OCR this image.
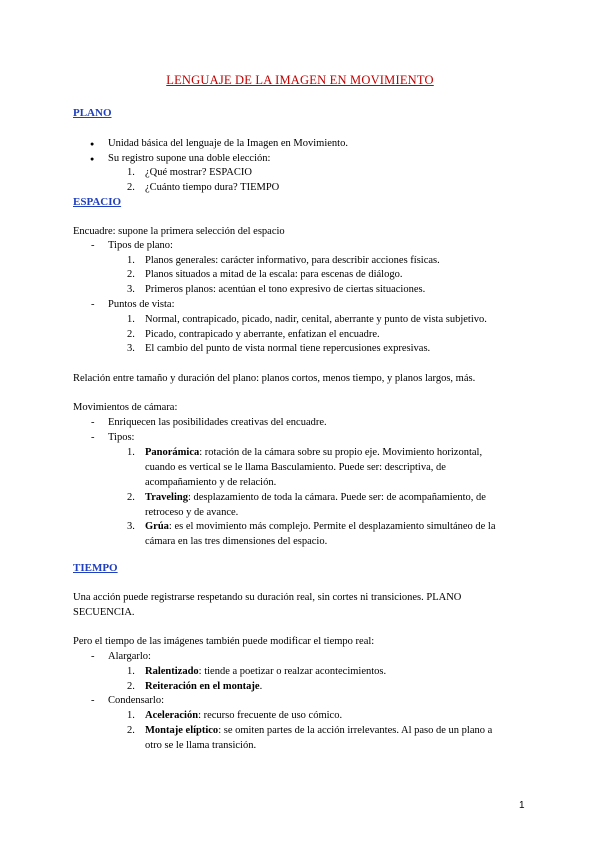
LENGUAJE DE LA IMAGEN EN MOVIMIENTO
PLANO
● Unidad básica del lenguaje de la Imagen en Movimiento.
● Su registro supone una doble elección:
1. ¿Qué mostrar? ESPACIO
2. ¿Cuánto tiempo dura? TIEMPO
ESPACIO
Encuadre: supone la primera selección del espacio
- Tipos de plano:
1. Planos generales: carácter informativo, para describir acciones físicas.
2. Planos situados a mitad de la escala: para escenas de diálogo.
3. Primeros planos: acentúan el tono expresivo de ciertas situaciones.
- Puntos de vista:
1. Normal, contrapicado, picado, nadir, cenital, aberrante y punto de vista subjetivo.
2. Picado, contrapicado y aberrante, enfatizan el encuadre.
3. El cambio del punto de vista normal tiene repercusiones expresivas.
Relación entre tamaño y duración del plano: planos cortos, menos tiempo, y planos largos, más.
Movimientos de cámara:
- Enriquecen las posibilidades creativas del encuadre.
- Tipos:
1. Panorámica: rotación de la cámara sobre su propio eje. Movimiento horizontal,
cuando es vertical se le llama Basculamiento. Puede ser: descriptiva, de
acompañamiento y de relación.
2. Traveling: desplazamiento de toda la cámara. Puede ser: de acompañamiento, de
retroceso y de avance.
3. Grúa: es el movimiento más complejo. Permite el desplazamiento simultáneo de la
cámara en las tres dimensiones del espacio.
TIEMPO
Una acción puede registrarse respetando su duración real, sin cortes ni transiciones. PLANO
SECUENCIA.
Pero el tiempo de las imágenes también puede modificar el tiempo real:
- Alargarlo:
1. Ralentizado: tiende a poetizar o realzar acontecimientos.
2. Reiteración en el montaje.
- Condensarlo:
1. Aceleración: recurso frecuente de uso cómico.
2. Montaje elíptico: se omiten partes de la acción irrelevantes. Al paso de un plano a
otro se le llama transición.
1
